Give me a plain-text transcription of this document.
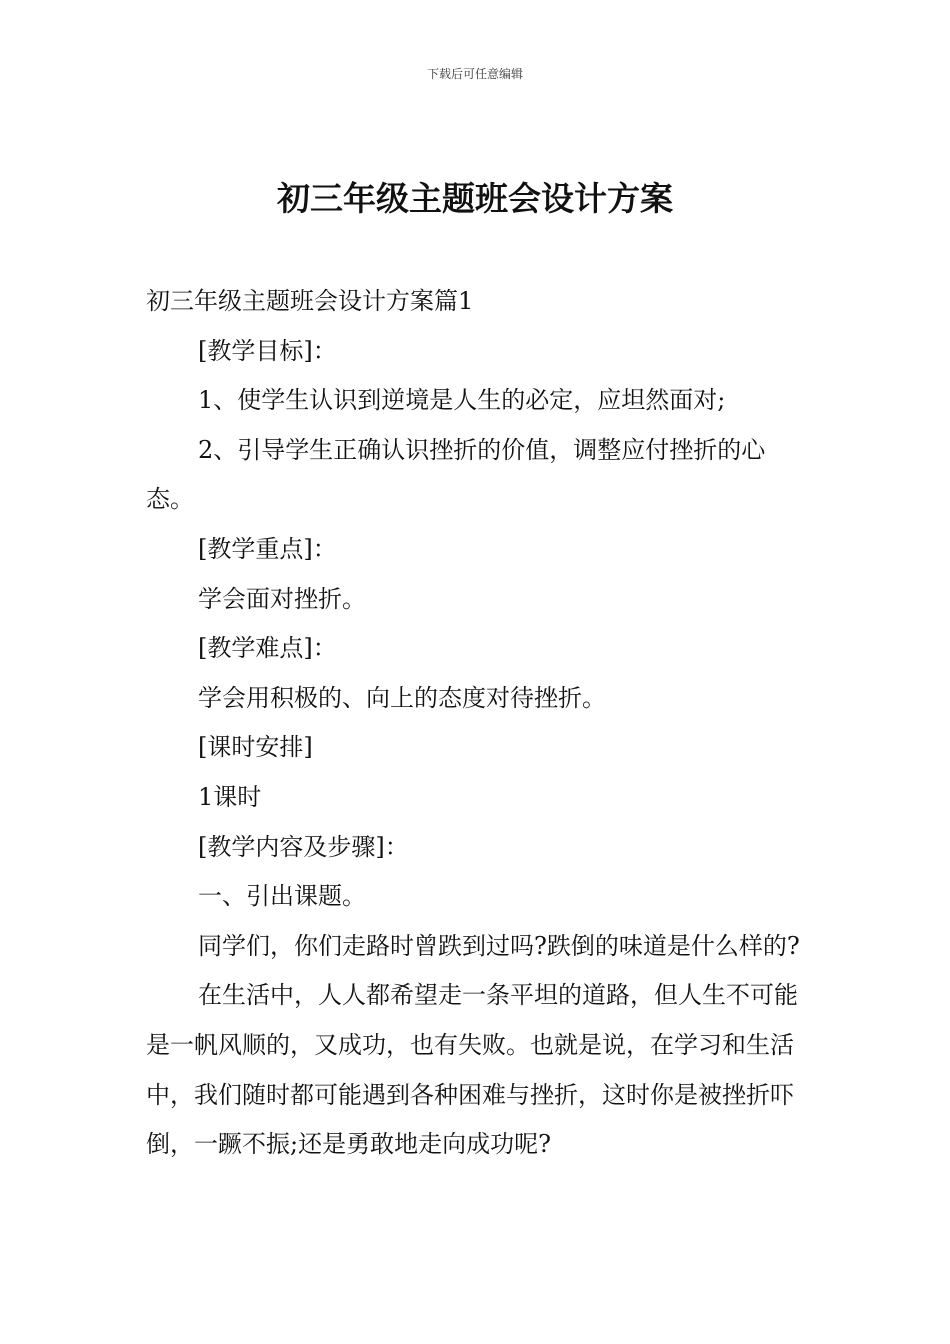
下载后可任意编辑
初三年级主题班会设计方案

初三年级主题班会设计方案篇1

[教学目标]：

1、使学生认识到逆境是人生的必定，应坦然面对;

2、引导学生正确认识挫折的价值，调整应付挫折的心态。

[教学重点]：

学会面对挫折。

[教学难点]：

学会用积极的、向上的态度对待挫折。

[课时安排]

1课时

[教学内容及步骤]：

一、引出课题。

同学们，你们走路时曾跌到过吗?跌倒的味道是什么样的?

在生活中，人人都希望走一条平坦的道路，但人生不可能是一帆风顺的，又成功，也有失败。也就是说，在学习和生活中，我们随时都可能遇到各种困难与挫折，这时你是被挫折吓倒，一蹶不振;还是勇敢地走向成功呢?
